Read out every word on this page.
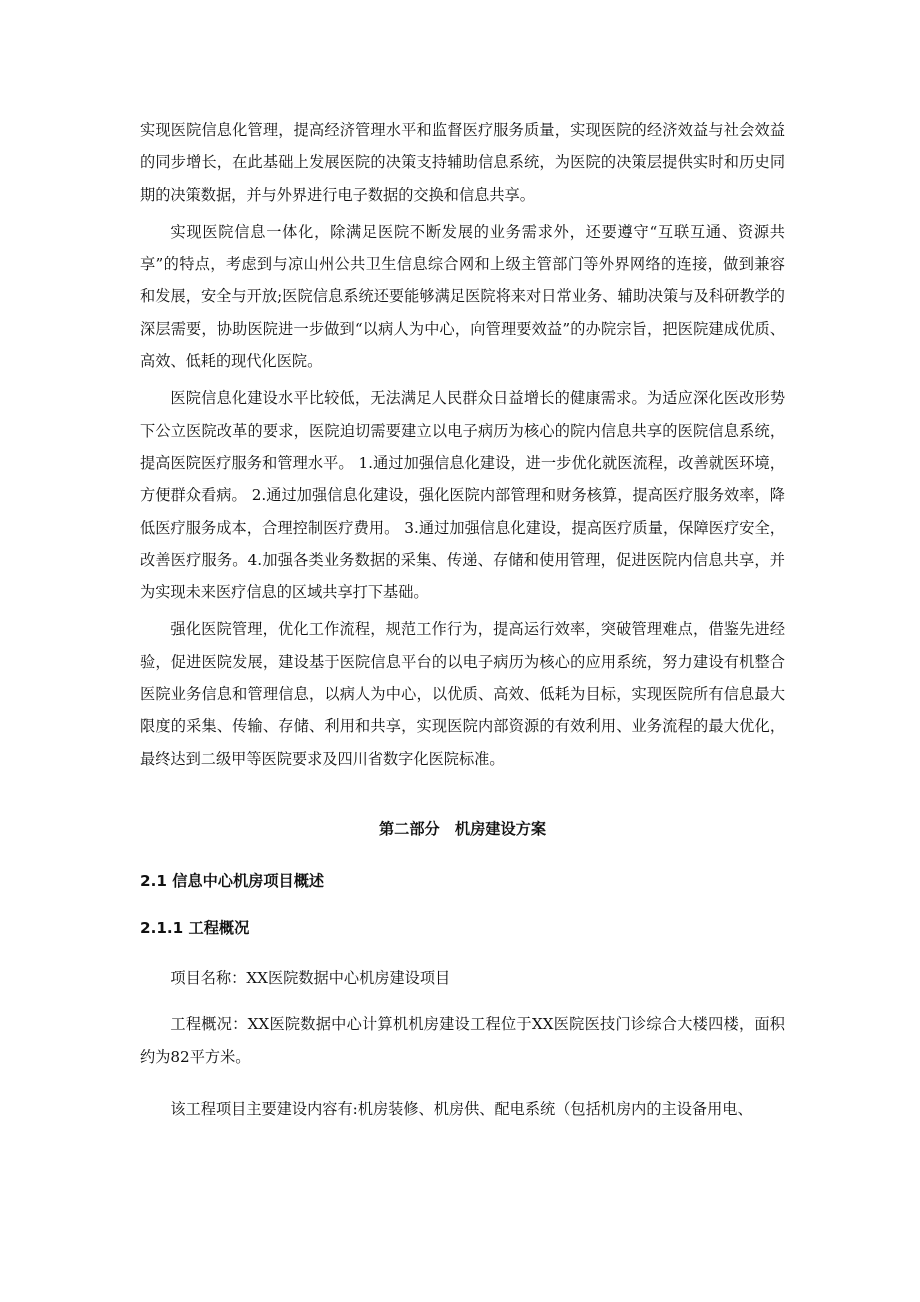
实现医院信息化管理，提高经济管理水平和监督医疗服务质量，实现医院的经济效益与社会效益的同步增长，在此基础上发展医院的决策支持辅助信息系统，为医院的决策层提供实时和历史同期的决策数据，并与外界进行电子数据的交换和信息共享。

实现医院信息一体化，除满足医院不断发展的业务需求外，还要遵守“互联互通、资源共享”的特点，考虑到与凉山州公共卫生信息综合网和上级主管部门等外界网络的连接，做到兼容和发展，安全与开放;医院信息系统还要能够满足医院将来对日常业务、辅助决策与及科研教学的深层需要，协助医院进一步做到“以病人为中心，向管理要效益”的办院宗旨，把医院建成优质、高效、低耗的现代化医院。

医院信息化建设水平比较低，无法满足人民群众日益增长的健康需求。为适应深化医改形势下公立医院改革的要求，医院迫切需要建立以电子病历为核心的院内信息共享的医院信息系统，提高医院医疗服务和管理水平。 1.通过加强信息化建设，进一步优化就医流程，改善就医环境，方便群众看病。 2.通过加强信息化建设，强化医院内部管理和财务核算，提高医疗服务效率，降低医疗服务成本，合理控制医疗费用。 3.通过加强信息化建设，提高医疗质量，保障医疗安全，改善医疗服务。4.加强各类业务数据的采集、传递、存储和使用管理，促进医院内信息共享，并为实现未来医疗信息的区域共享打下基础。

强化医院管理，优化工作流程，规范工作行为，提高运行效率，突破管理难点，借鉴先进经验，促进医院发展，建设基于医院信息平台的以电子病历为核心的应用系统，努力建设有机整合医院业务信息和管理信息，以病人为中心，以优质、高效、低耗为目标，实现医院所有信息最大限度的采集、传输、存储、利用和共享，实现医院内部资源的有效利用、业务流程的最大优化，最终达到二级甲等医院要求及四川省数字化医院标准。

第二部分　机房建设方案
2.1 信息中心机房项目概述
2.1.1 工程概况

项目名称：XX医院数据中心机房建设项目

工程概况：XX医院数据中心计算机机房建设工程位于XX医院医技门诊综合大楼四楼，面积约为82平方米。

该工程项目主要建设内容有:机房装修、机房供、配电系统（包括机房内的主设备用电、
